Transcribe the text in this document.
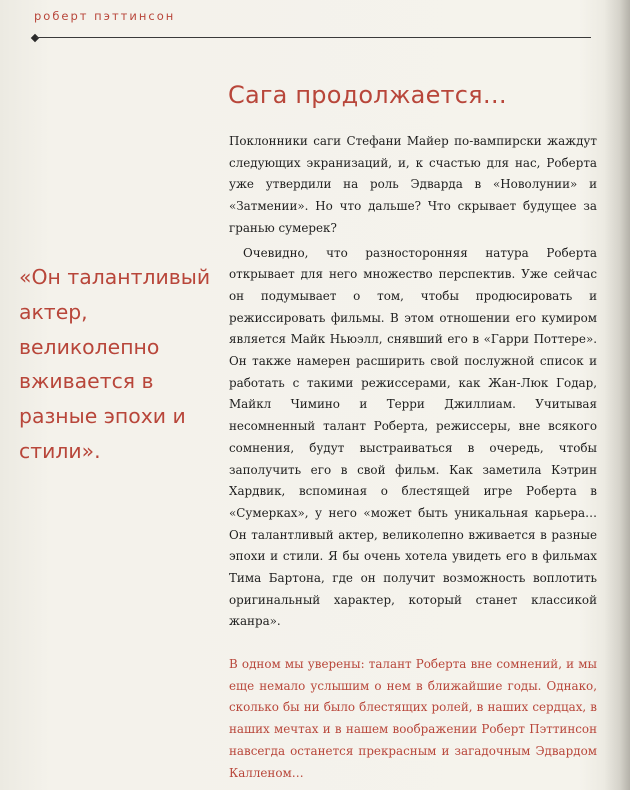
роберт пэттинсон
Сага продолжается…

Поклонники саги Стефани Майер по-вампирски жаждут следующих экранизаций, и, к счастью для нас, Роберта уже утвердили на роль Эдварда в «Новолунии» и «Затмении». Но что дальше? Что скрывает будущее за гранью сумерек?

Очевидно, что разносторонняя натура Роберта открывает для него множество перспектив. Уже сейчас он подумывает о том, чтобы продюсировать и режиссировать фильмы. В этом отношении его кумиром является Майк Ньюэлл, снявший его в «Гарри Поттере». Он также намерен расширить свой послужной список и работать с такими режиссерами, как Жан-Люк Годар, Майкл Чимино и Терри Джиллиам. Учитывая несомненный талант Роберта, режиссеры, вне всякого сомнения, будут выстраиваться в очередь, чтобы заполучить его в свой фильм. Как заметила Кэтрин Хардвик, вспоминая о блестящей игре Роберта в «Сумерках», у него «может быть уникальная карьера… Он талантливый актер, великолепно вживается в разные эпохи и стили. Я бы очень хотела увидеть его в фильмах Тима Бартона, где он получит возможность воплотить оригинальный характер, который станет классикой жанра».

«Он талантливый актер, великолепно вживается в разные эпохи и стили».

В одном мы уверены: талант Роберта вне сомнений, и мы еще немало услышим о нем в ближайшие годы. Однако, сколько бы ни было блестящих ролей, в наших сердцах, в наших мечтах и в нашем воображении Роберт Пэттинсон навсегда останется прекрасным и загадочным Эдвардом Калленом…
